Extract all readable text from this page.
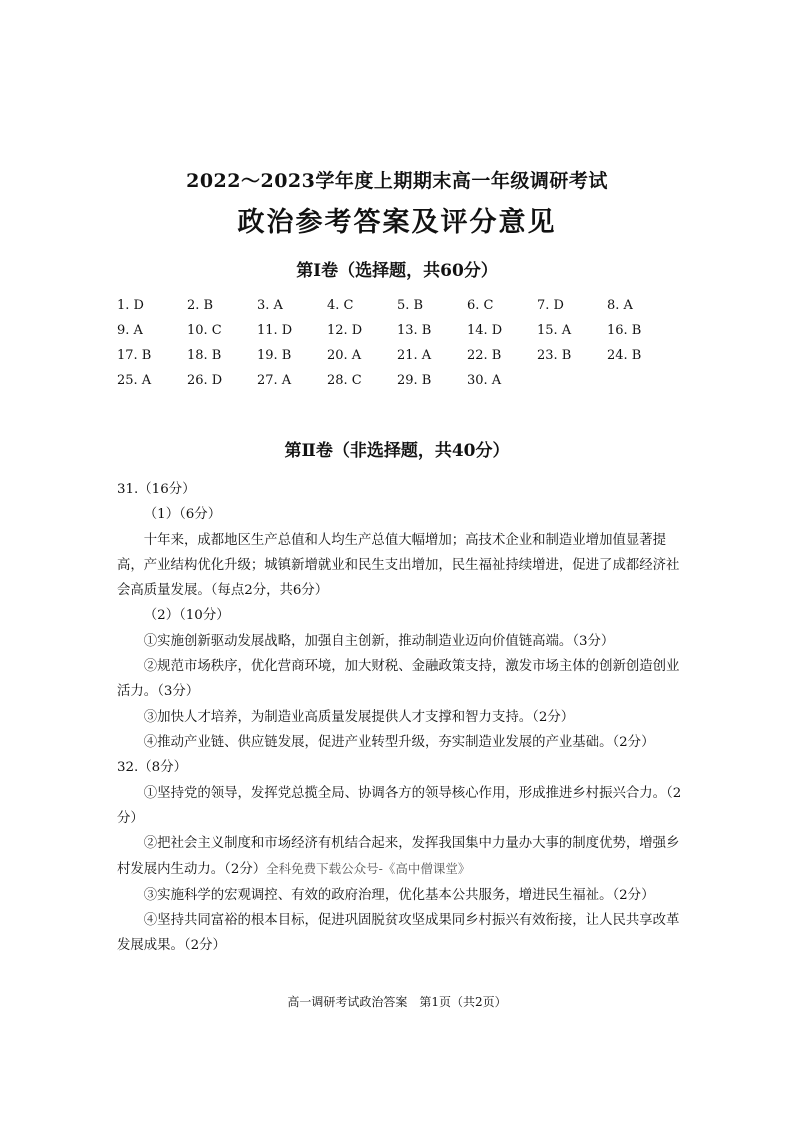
2022～2023学年度上期期末高一年级调研考试
政治参考答案及评分意见
第Ⅰ卷（选择题，共60分）
1. D	2. B	3. A	4. C	5. B	6. C	7. D	8. A
9. A	10. C	11. D	12. D	13. B	14. D	15. A	16. B
17. B	18. B	19. B	20. A	21. A	22. B	23. B	24. B
25. A	26. D	27. A	28. C	29. B	30. A
第Ⅱ卷（非选择题，共40分）

31.（16分）

（1）（6分）

十年来，成都地区生产总值和人均生产总值大幅增加；高技术企业和制造业增加值显著提高，产业结构优化升级；城镇新增就业和民生支出增加，民生福祉持续增进，促进了成都经济社会高质量发展。（每点2分，共6分）

（2）（10分）

①实施创新驱动发展战略，加强自主创新，推动制造业迈向价值链高端。（3分）

②规范市场秩序，优化营商环境，加大财税、金融政策支持，激发市场主体的创新创造创业活力。（3分）

③加快人才培养，为制造业高质量发展提供人才支撑和智力支持。（2分）

④推动产业链、供应链发展，促进产业转型升级，夯实制造业发展的产业基础。（2分）

32.（8分）

①坚持党的领导，发挥党总揽全局、协调各方的领导核心作用，形成推进乡村振兴合力。（2分）

②把社会主义制度和市场经济有机结合起来，发挥我国集中力量办大事的制度优势，增强乡村发展内生动力。（2分）全科免费下载公众号-《高中僧课堂》

③实施科学的宏观调控、有效的政府治理，优化基本公共服务，增进民生福祉。（2分）

④坚持共同富裕的根本目标，促进巩固脱贫攻坚成果同乡村振兴有效衔接，让人民共享改革发展成果。（2分）

高一调研考试政治答案　第1页（共2页）
